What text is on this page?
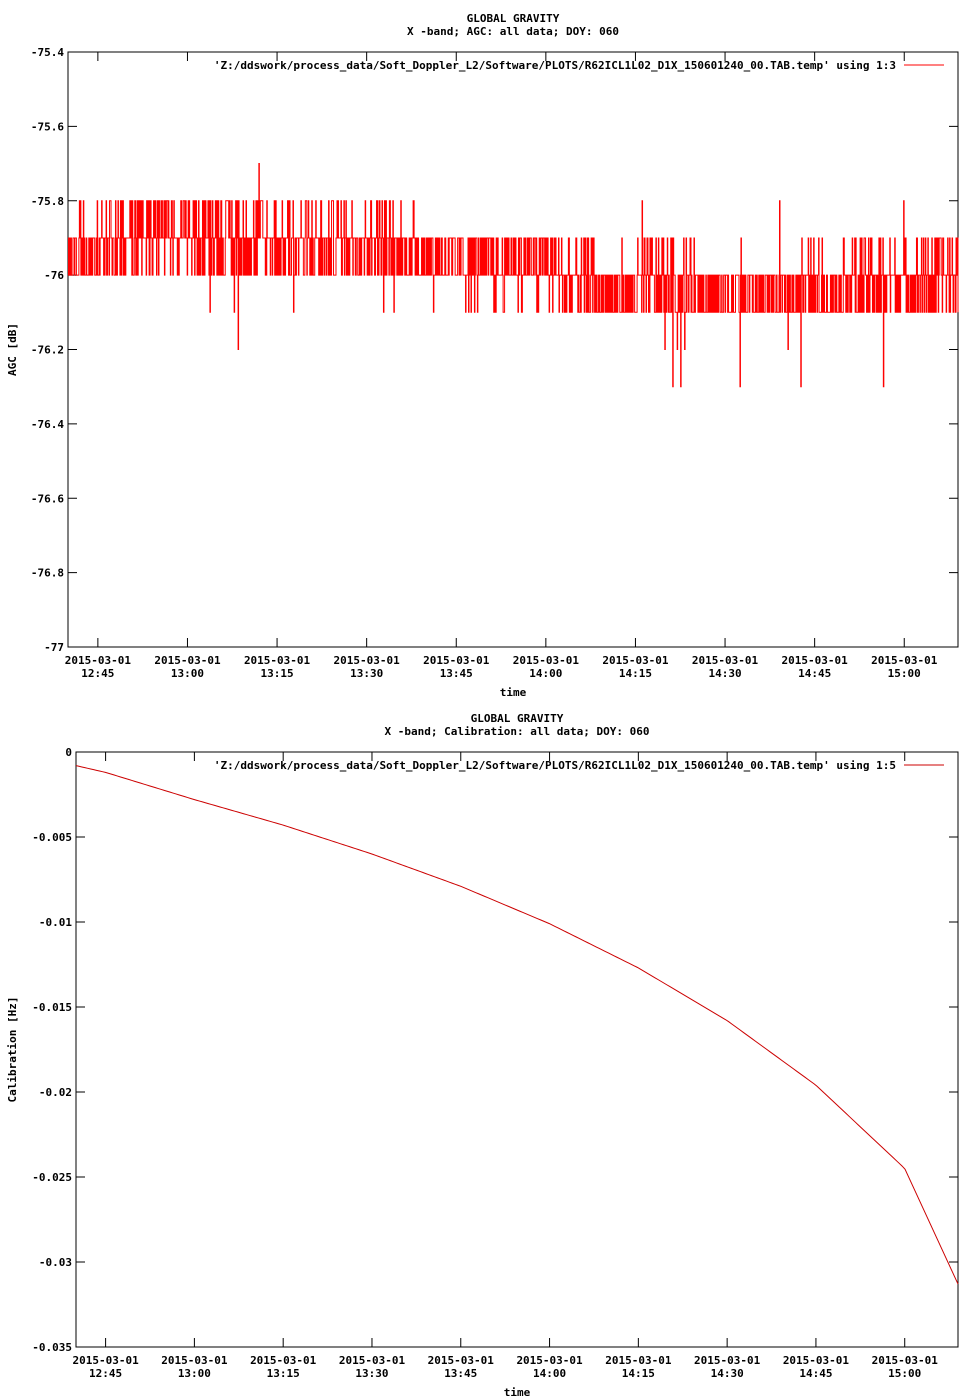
GLOBAL GRAVITY
X -band; AGC: all data; DOY: 060
-77
-76.8
-76.6
-76.4
-76.2
-76
-75.8
-75.6
-75.4
2015-03-01
12:45
2015-03-01
13:00
2015-03-01
13:15
2015-03-01
13:30
2015-03-01
13:45
2015-03-01
14:00
2015-03-01
14:15
2015-03-01
14:30
2015-03-01
14:45
2015-03-01
15:00
time
AGC [dB]
'Z:/ddswork/process_data/Soft_Doppler_L2/Software/PLOTS/R62ICL1L02_D1X_150601240_00.TAB.temp' using 1:3
GLOBAL GRAVITY
X -band; Calibration: all data; DOY: 060
-0.035
-0.03
-0.025
-0.02
-0.015
-0.01
-0.005
0
2015-03-01
12:45
2015-03-01
13:00
2015-03-01
13:15
2015-03-01
13:30
2015-03-01
13:45
2015-03-01
14:00
2015-03-01
14:15
2015-03-01
14:30
2015-03-01
14:45
2015-03-01
15:00
time
Calibration [Hz]
'Z:/ddswork/process_data/Soft_Doppler_L2/Software/PLOTS/R62ICL1L02_D1X_150601240_00.TAB.temp' using 1:5
